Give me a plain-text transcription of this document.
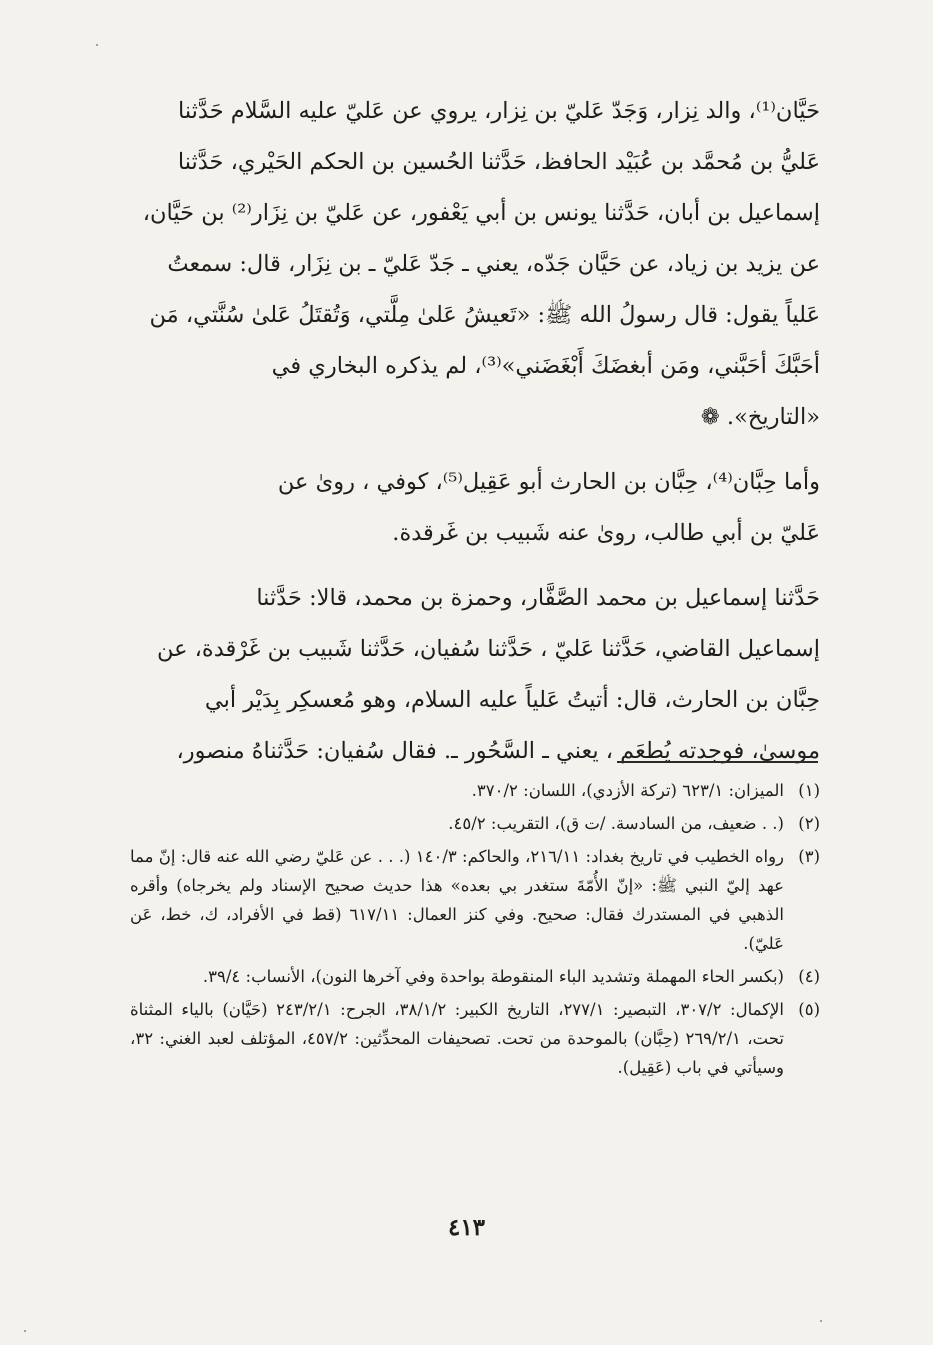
حَيَّان⁽¹⁾، والد نِزار، وَجَدّ عَليّ بن نِزار، يروي عن عَليّ عليه السَّلام حَدَّثنا
عَليُّ بن مُحمَّد بن عُبَيْد الحافظ، حَدَّثنا الحُسين بن الحكم الحَيْري، حَدَّثنا
إسماعيل بن أبان، حَدَّثنا يونس بن أبي يَعْفور، عن عَليّ بن نِزَار⁽²⁾ بن حَيَّان،
عن يزيد بن زياد، عن حَيَّان جَدّه، يعني ـ جَدّ عَليّ ـ بن نِزَار، قال: سمعتُ
عَلياً يقول: قال رسولُ الله ﷺ: «تَعيشُ عَلىٰ مِلَّتي، وَتُقتَلُ عَلىٰ سُنَّتي، مَن
أحَبَّكَ أحَبَّني، ومَن أبغضَكَ أَبْغَضَني»⁽³⁾، لم يذكره البخاري في
«التاريخ». ❁

وأما حِبَّان⁽⁴⁾، حِبَّان بن الحارث أبو عَقِيل⁽⁵⁾، كوفي ، روىٰ عن
عَليّ بن أبي طالب، روىٰ عنه شَبيب بن غَرقدة.

حَدَّثنا إسماعيل بن محمد الصَّفَّار، وحمزة بن محمد، قالا: حَدَّثنا
إسماعيل القاضي، حَدَّثنا عَليّ ، حَدَّثنا سُفيان، حَدَّثنا شَبيب بن غَرْقدة، عن
حِبَّان بن الحارث، قال: أتيتُ عَلياً عليه السلام، وهو مُعسكِر بِدَيْر أبي
موسىٰ، فوجدته يُطعَم ، يعني ـ السَّحُور ـ. فقال سُفيان: حَدَّثناهُ منصور،

(١)
الميزان: ٦٢٣/١ (تركة الأزدي)، اللسان: ٣٧٠/٢.
(٢)
(. . ضعيف، من السادسة. /ت ق)، التقريب: ٤٥/٢.
(٣)
رواه الخطيب في تاريخ بغداد: ٢١٦/١١، والحاكم: ١٤٠/٣ (. . . عن عَليّ رضي الله عنه قال: إنّ مما عهد إليّ النبي ﷺ: «إنّ الأُمّةَ ستغدر بي بعده» هذا حديث صحيح الإسناد ولم يخرجاه) وأقره الذهبي في المستدرك فقال: صحيح. وفي كنز العمال: ٦١٧/١١ (قط في الأفراد، ك، خط، عَن عَليّ).
(٤)
(بكسر الحاء المهملة وتشديد الباء المنقوطة بواحدة وفي آخرها النون)، الأنساب: ٣٩/٤.
(٥)
الإكمال: ٣٠٧/٢، التبصير: ٢٧٧/١، التاريخ الكبير: ٣٨/١/٢، الجرح: ٢٤٣/٢/١ (حَيَّان) بالياء المثناة تحت، ٢٦٩/٢/١ (حِبَّان) بالموحدة من تحت. تصحيفات المحدِّثين: ٤٥٧/٢، المؤتلف لعبد الغني: ٣٢، وسيأتي في باب (عَقِيل).
٤١٣
